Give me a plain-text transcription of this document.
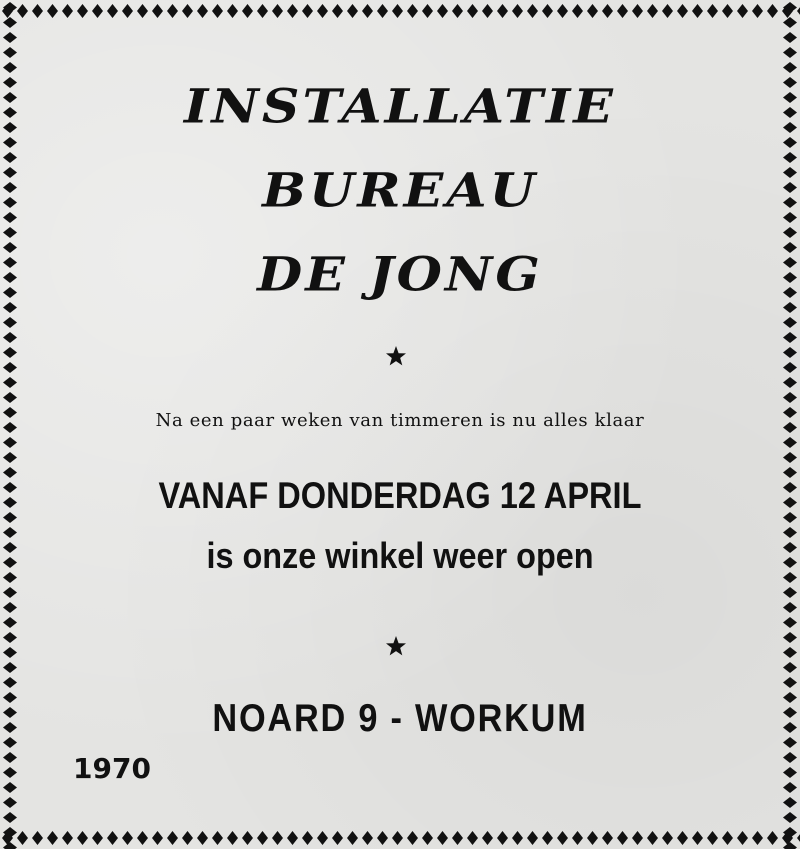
INSTALLATIE
BUREAU
DE JONG
Na een paar weken van timmeren is nu alles klaar
VANAF DONDERDAG 12 APRIL
is onze winkel weer open
NOARD 9 - WORKUM
1970
